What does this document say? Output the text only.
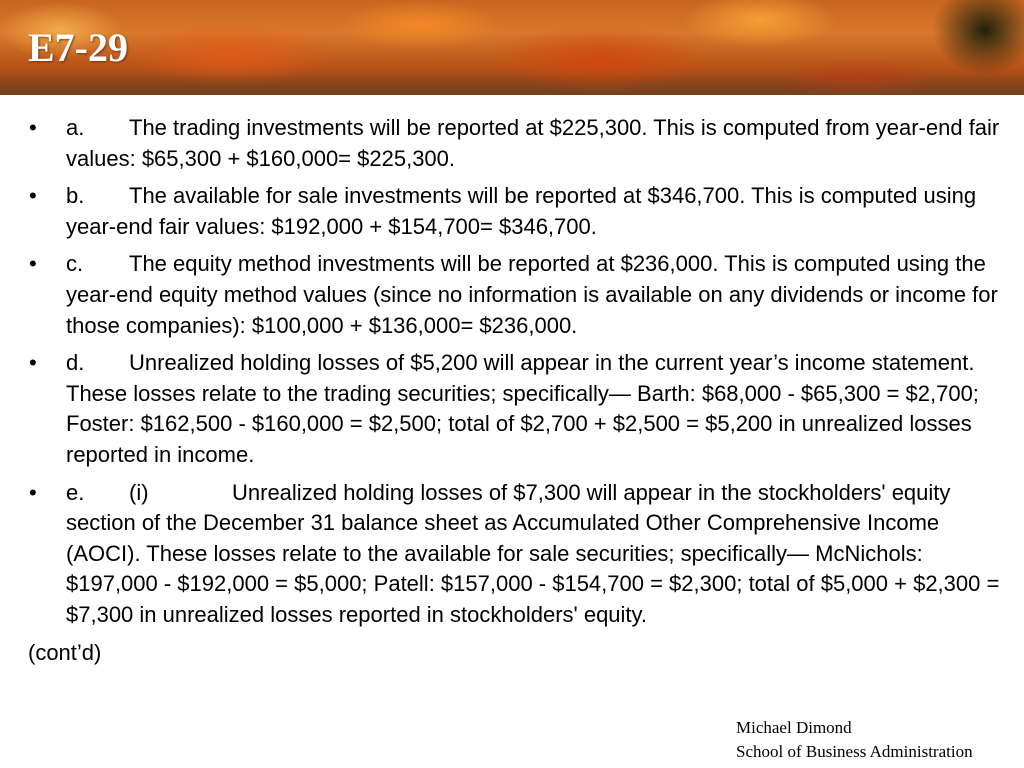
E7-29

• a. The trading investments will be reported at $225,300. This is computed from year-end fair values: $65,300 + $160,000= $225,300.

• b. The available for sale investments will be reported at $346,700. This is computed using year-end fair values: $192,000 + $154,700= $346,700.

• c. The equity method investments will be reported at $236,000. This is computed using the year-end equity method values (since no information is available on any dividends or income for those companies): $100,000 + $136,000= $236,000.

• d. Unrealized holding losses of $5,200 will appear in the current year’s income statement. These losses relate to the trading securities; specifically— Barth: $68,000 - $65,300 = $2,700; Foster: $162,500 - $160,000 = $2,500; total of $2,700 + $2,500 = $5,200 in unrealized losses reported in income.

• e. (i)	Unrealized holding losses of $7,300 will appear in the stockholders' equity section of the December 31 balance sheet as Accumulated Other Comprehensive Income (AOCI). These losses relate to the available for sale securities; specifically— McNichols: $197,000 - $192,000 = $5,000; Patell: $157,000 - $154,700 = $2,300; total of $5,000 + $2,300 = $7,300 in unrealized losses reported in stockholders' equity.

(cont’d)

Michael Dimond
School of Business Administration
